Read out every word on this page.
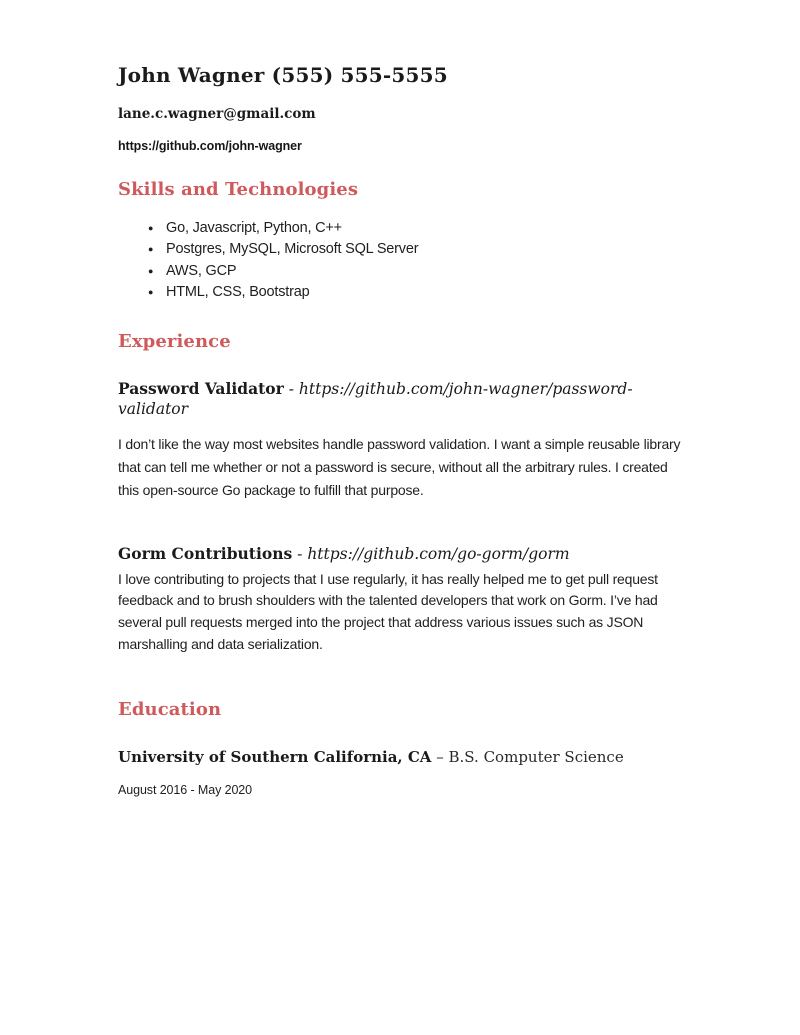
John Wagner (555) 555-5555
lane.c.wagner@gmail.com
https://github.com/john-wagner
Skills and Technologies
● Go, Javascript, Python, C++
● Postgres, MySQL, Microsoft SQL Server
● AWS, GCP
● HTML, CSS, Bootstrap
Experience
Password Validator - https://github.com/john-wagner/password-validator

I don’t like the way most websites handle password validation. I want a simple reusable library that can tell me whether or not a password is secure, without all the arbitrary rules. I created this open-source Go package to fulfill that purpose.

Gorm Contributions - https://github.com/go-gorm/gorm

I love contributing to projects that I use regularly, it has really helped me to get pull request feedback and to brush shoulders with the talented developers that work on Gorm. I’ve had several pull requests merged into the project that address various issues such as JSON marshalling and data serialization.

Education
University of Southern California, CA – B.S. Computer Science
August 2016 - May 2020
